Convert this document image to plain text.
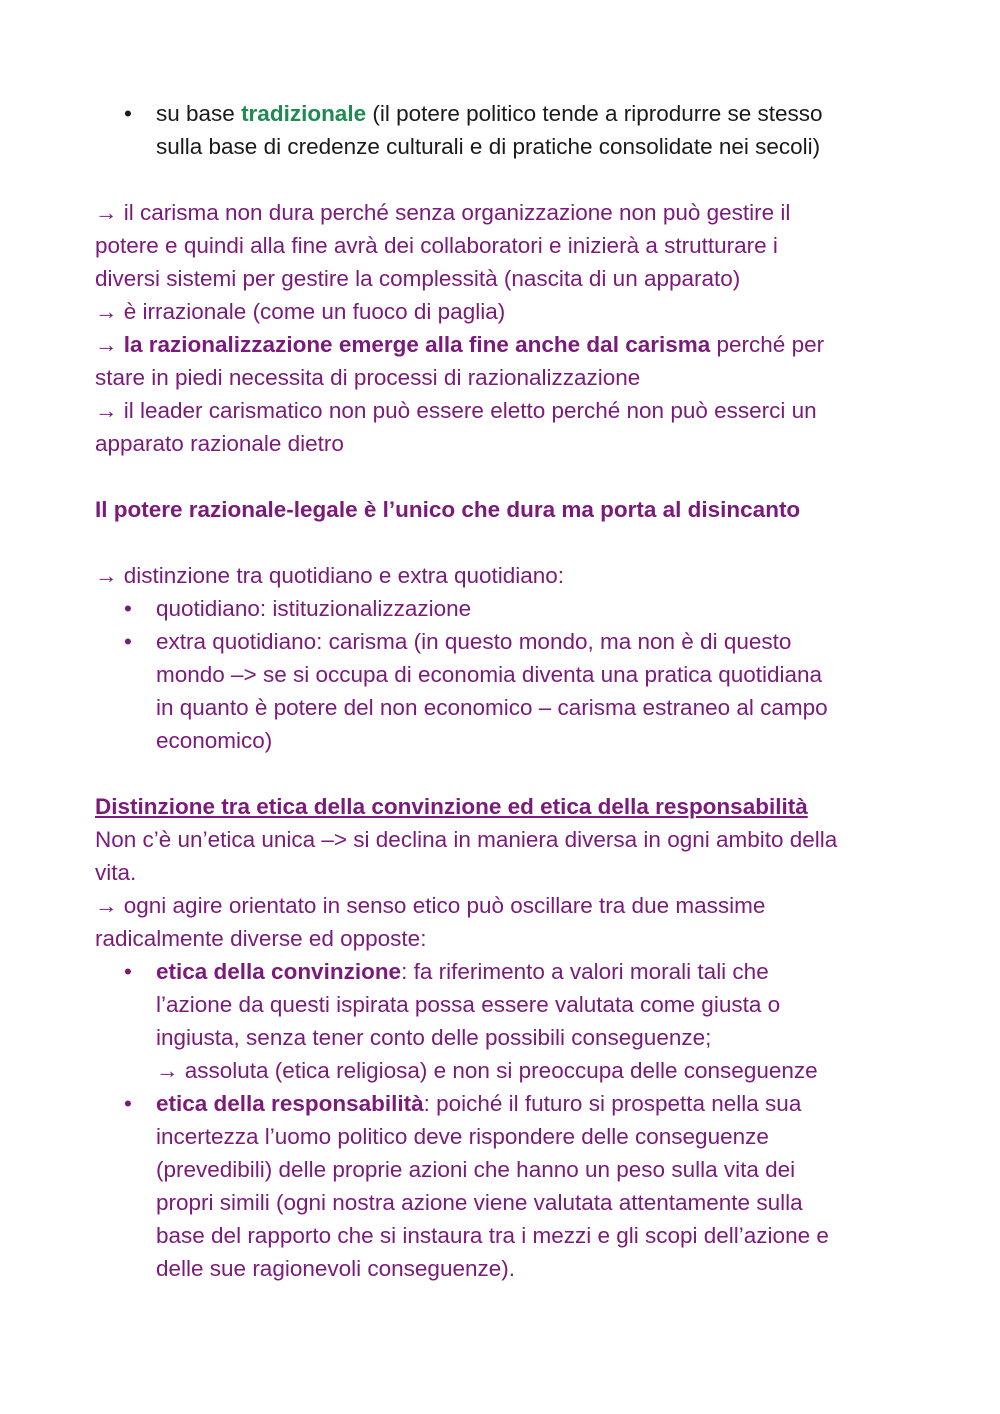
• su base tradizionale (il potere politico tende a riprodurre se stesso

sulla base di credenze culturali e di pratiche consolidate nei secoli)

→ il carisma non dura perché senza organizzazione non può gestire il

potere e quindi alla fine avrà dei collaboratori e inizierà a strutturare i

diversi sistemi per gestire la complessità (nascita di un apparato)

→ è irrazionale (come un fuoco di paglia)

→ la razionalizzazione emerge alla fine anche dal carisma perché per

stare in piedi necessita di processi di razionalizzazione

→ il leader carismatico non può essere eletto perché non può esserci un

apparato razionale dietro

Il potere razionale-legale è l’unico che dura ma porta al disincanto

→ distinzione tra quotidiano e extra quotidiano:

• quotidiano: istituzionalizzazione

• extra quotidiano: carisma (in questo mondo, ma non è di questo

mondo –> se si occupa di economia diventa una pratica quotidiana

in quanto è potere del non economico – carisma estraneo al campo

economico)

Distinzione tra etica della convinzione ed etica della responsabilità

Non c’è un’etica unica –> si declina in maniera diversa in ogni ambito della

vita.

→ ogni agire orientato in senso etico può oscillare tra due massime

radicalmente diverse ed opposte:

• etica della convinzione: fa riferimento a valori morali tali che

l’azione da questi ispirata possa essere valutata come giusta o

ingiusta, senza tener conto delle possibili conseguenze;

→ assoluta (etica religiosa) e non si preoccupa delle conseguenze

• etica della responsabilità: poiché il futuro si prospetta nella sua

incertezza l’uomo politico deve rispondere delle conseguenze

(prevedibili) delle proprie azioni che hanno un peso sulla vita dei

propri simili (ogni nostra azione viene valutata attentamente sulla

base del rapporto che si instaura tra i mezzi e gli scopi dell’azione e

delle sue ragionevoli conseguenze).
